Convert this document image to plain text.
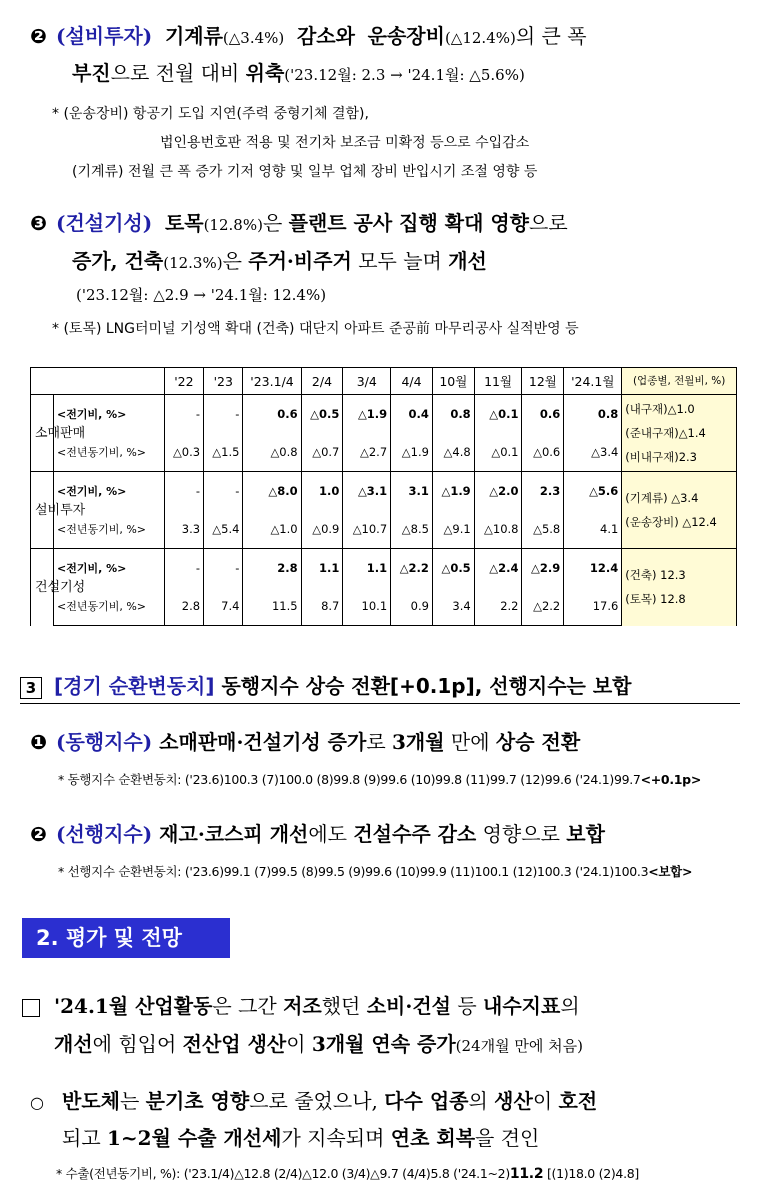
❷ (설비투자) 기계류(△3.4%) 감소와 운송장비(△12.4%)의 큰 폭
부진으로 전월 대비 위축('23.12월: 2.3 → '24.1월: △5.6%)
* (운송장비) 항공기 도입 지연(주력 중형기체 결함),
법인용번호판 적용 및 전기차 보조금 미확정 등으로 수입감소
(기계류) 전월 큰 폭 증가 기저 영향 및 일부 업체 장비 반입시기 조절 영향 등
❸ (건설기성) 토목(12.8%)은 플랜트 공사 집행 확대 영향으로
증가, 건축(12.3%)은 주거·비주거 모두 늘며 개선
('23.12월: △2.9 → '24.1월: 12.4%)
* (토목) LNG터미널 기성액 확대 (건축) 대단지 아파트 준공前 마무리공사 실적반영 등
		'22	'23	'23.1/4	2/4	3/4	4/4	10월	11월	12월	'24.1월	(업종별, 전월비, %)
소매판매	<전기비, %>	-	-	0.6	△0.5	△1.9	0.4	0.8	△0.1	0.6	0.8	(내구재)△1.0
(준내구재)△1.4
(비내구재)2.3

	<전년동기비, %>	△0.3	△1.5	△0.8	△0.7	△2.7	△1.9	△4.8	△0.1	△0.6	△3.4	
설비투자	<전기비, %>	-	-	△8.0	1.0	△3.1	3.1	△1.9	△2.0	2.3	△5.6	(기계류) △3.4
(운송장비) △12.4

	<전년동기비, %>	3.3	△5.4	△1.0	△0.9	△10.7	△8.5	△9.1	△10.8	△5.8	4.1	
건설기성	<전기비, %>	-	-	2.8	1.1	1.1	△2.2	△0.5	△2.4	△2.9	12.4	(건축) 12.3
(토목) 12.8

	<전년동기비, %>	2.8	7.4	11.5	8.7	10.1	0.9	3.4	2.2	△2.2	17.6	
3 [경기 순환변동치] 동행지수 상승 전환[+0.1p], 선행지수는 보합
❶ (동행지수) 소매판매·건설기성 증가로 3개월 만에 상승 전환
* 동행지수 순환변동치: ('23.6)100.3 (7)100.0 (8)99.8 (9)99.6 (10)99.8 (11)99.7 (12)99.6 ('24.1)99.7<+0.1p>
❷ (선행지수) 재고·코스피 개선에도 건설수주 감소 영향으로 보합
* 선행지수 순환변동치: ('23.6)99.1 (7)99.5 (8)99.5 (9)99.6 (10)99.9 (11)100.1 (12)100.3 ('24.1)100.3<보합>
2. 평가 및 전망
'24.1월 산업활동은 그간 저조했던 소비·건설 등 내수지표의
개선에 힘입어 전산업 생산이 3개월 연속 증가(24개월 만에 처음)
○ 반도체는 분기초 영향으로 줄었으나, 다수 업종의 생산이 호전
되고 1~2월 수출 개선세가 지속되며 연초 회복을 견인
* 수출(전년동기비, %): ('23.1/4)△12.8 (2/4)△12.0 (3/4)△9.7 (4/4)5.8 ('24.1~2)11.2 [(1)18.0 (2)4.8]
